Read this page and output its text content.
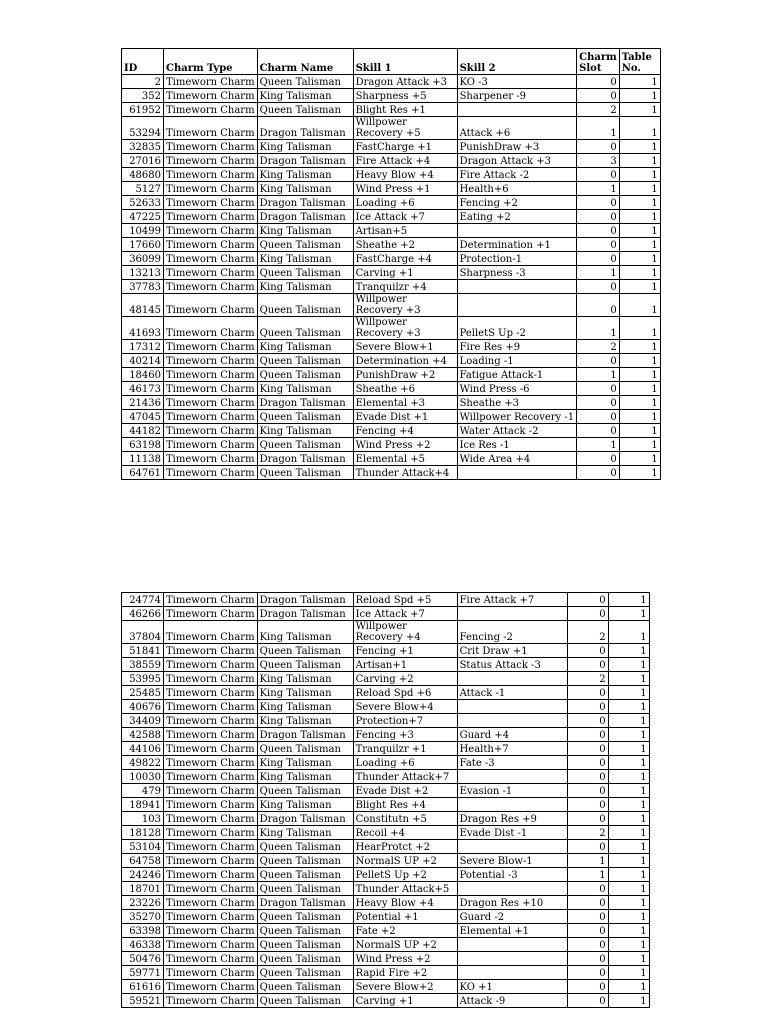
ID	Charm Type	Charm Name	Skill 1	Skill 2	Charm Slot	Table No.
2	Timeworn Charm	Queen Talisman	Dragon Attack +3	KO -3	0	1
352	Timeworn Charm	King Talisman	Sharpness +5	Sharpener -9	0	1
61952	Timeworn Charm	Queen Talisman	Blight Res +1		2	1
53294	Timeworn Charm	Dragon Talisman	Willpower Recovery +5	Attack +6	1	1
32835	Timeworn Charm	King Talisman	FastCharge +1	PunishDraw +3	0	1
27016	Timeworn Charm	Dragon Talisman	Fire Attack +4	Dragon Attack +3	3	1
48680	Timeworn Charm	King Talisman	Heavy Blow +4	Fire Attack -2	0	1
5127	Timeworn Charm	King Talisman	Wind Press +1	Health+6	1	1
52633	Timeworn Charm	Dragon Talisman	Loading +6	Fencing +2	0	1
47225	Timeworn Charm	Dragon Talisman	Ice Attack +7	Eating +2	0	1
10499	Timeworn Charm	King Talisman	Artisan+5		0	1
17660	Timeworn Charm	Queen Talisman	Sheathe +2	Determination +1	0	1
36099	Timeworn Charm	King Talisman	FastCharge +4	Protection-1	0	1
13213	Timeworn Charm	Queen Talisman	Carving +1	Sharpness -3	1	1
37783	Timeworn Charm	King Talisman	Tranquilzr +4		0	1
48145	Timeworn Charm	Queen Talisman	Willpower Recovery +3		0	1
41693	Timeworn Charm	Queen Talisman	Willpower Recovery +3	PelletS Up -2	1	1
17312	Timeworn Charm	King Talisman	Severe Blow+1	Fire Res +9	2	1
40214	Timeworn Charm	Queen Talisman	Determination +4	Loading -1	0	1
18460	Timeworn Charm	Queen Talisman	PunishDraw +2	Fatigue Attack-1	1	1
46173	Timeworn Charm	King Talisman	Sheathe +6	Wind Press -6	0	1
21436	Timeworn Charm	Dragon Talisman	Elemental +3	Sheathe +3	0	1
47045	Timeworn Charm	Queen Talisman	Evade Dist +1	Willpower Recovery -1	0	1
44182	Timeworn Charm	King Talisman	Fencing +4	Water Attack -2	0	1
63198	Timeworn Charm	Queen Talisman	Wind Press +2	Ice Res -1	1	1
11138	Timeworn Charm	Dragon Talisman	Elemental +5	Wide Area +4	0	1
64761	Timeworn Charm	Queen Talisman	Thunder Attack+4		0	1
24774	Timeworn Charm	Dragon Talisman	Reload Spd +5	Fire Attack +7	0	1
46266	Timeworn Charm	Dragon Talisman	Ice Attack +7		0	1
37804	Timeworn Charm	King Talisman	Willpower Recovery +4	Fencing -2	2	1
51841	Timeworn Charm	Queen Talisman	Fencing +1	Crit Draw +1	0	1
38559	Timeworn Charm	Queen Talisman	Artisan+1	Status Attack -3	0	1
53995	Timeworn Charm	King Talisman	Carving +2		2	1
25485	Timeworn Charm	King Talisman	Reload Spd +6	Attack -1	0	1
40676	Timeworn Charm	King Talisman	Severe Blow+4		0	1
34409	Timeworn Charm	King Talisman	Protection+7		0	1
42588	Timeworn Charm	Dragon Talisman	Fencing +3	Guard +4	0	1
44106	Timeworn Charm	Queen Talisman	Tranquilzr +1	Health+7	0	1
49822	Timeworn Charm	King Talisman	Loading +6	Fate -3	0	1
10030	Timeworn Charm	King Talisman	Thunder Attack+7		0	1
479	Timeworn Charm	Queen Talisman	Evade Dist +2	Evasion -1	0	1
18941	Timeworn Charm	King Talisman	Blight Res +4		0	1
103	Timeworn Charm	Dragon Talisman	Constitutn +5	Dragon Res +9	0	1
18128	Timeworn Charm	King Talisman	Recoil +4	Evade Dist -1	2	1
53104	Timeworn Charm	Queen Talisman	HearProtct +2		0	1
64758	Timeworn Charm	Queen Talisman	NormalS UP +2	Severe Blow-1	1	1
24246	Timeworn Charm	Queen Talisman	PelletS Up +2	Potential -3	1	1
18701	Timeworn Charm	Queen Talisman	Thunder Attack+5		0	1
23226	Timeworn Charm	Dragon Talisman	Heavy Blow +4	Dragon Res +10	0	1
35270	Timeworn Charm	Queen Talisman	Potential +1	Guard -2	0	1
63398	Timeworn Charm	Queen Talisman	Fate +2	Elemental +1	0	1
46338	Timeworn Charm	Queen Talisman	NormalS UP +2		0	1
50476	Timeworn Charm	Queen Talisman	Wind Press +2		0	1
59771	Timeworn Charm	Queen Talisman	Rapid Fire +2		0	1
61616	Timeworn Charm	Queen Talisman	Severe Blow+2	KO +1	0	1
59521	Timeworn Charm	Queen Talisman	Carving +1	Attack -9	0	1
